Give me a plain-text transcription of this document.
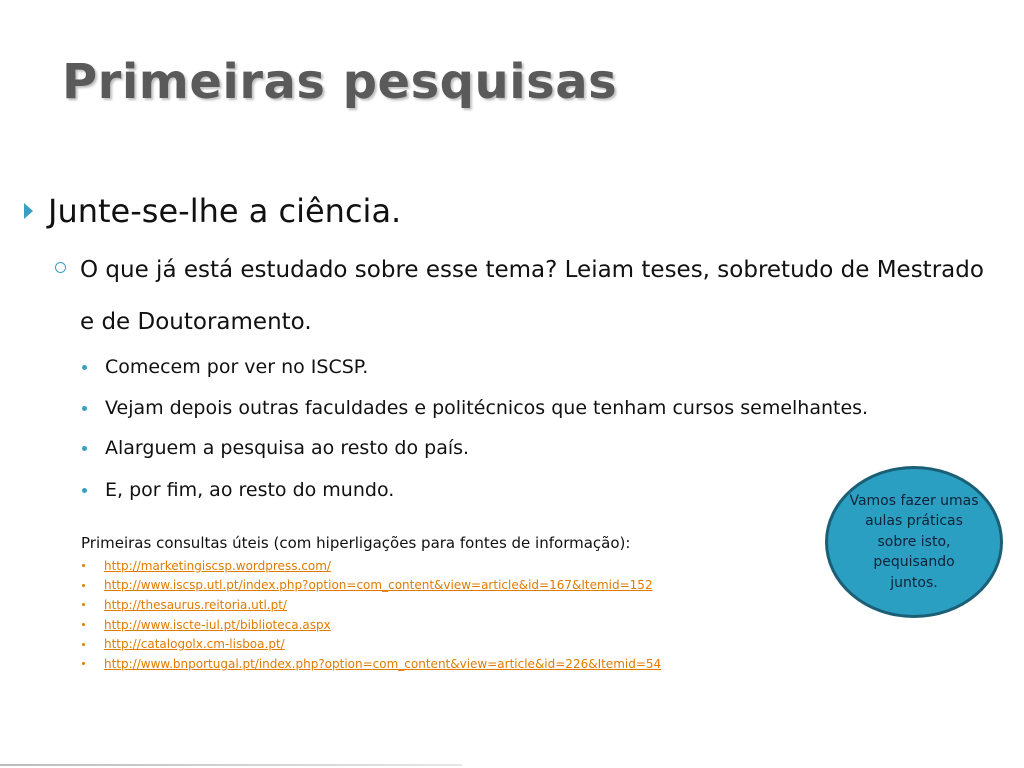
Primeiras pesquisas
Junte-se-lhe a ciência.
O que já está estudado sobre esse tema? Leiam teses, sobretudo de Mestrado e de Doutoramento.
Comecem por ver no ISCSP.
Vejam depois outras faculdades e politécnicos que tenham cursos semelhantes.
Alarguem a pesquisa ao resto do país.
E, por fim, ao resto do mundo.
Primeiras consultas úteis (com hiperligações para fontes de informação):
http://marketingiscsp.wordpress.com/
http://www.iscsp.utl.pt/index.php?option=com_content&view=article&id=167&Itemid=152
http://thesaurus.reitoria.utl.pt/
http://www.iscte-iul.pt/biblioteca.aspx
http://catalogolx.cm-lisboa.pt/
http://www.bnportugal.pt/index.php?option=com_content&view=article&id=226&Itemid=54
Vamos fazer umas aulas práticas sobre isto, pequisando juntos.
